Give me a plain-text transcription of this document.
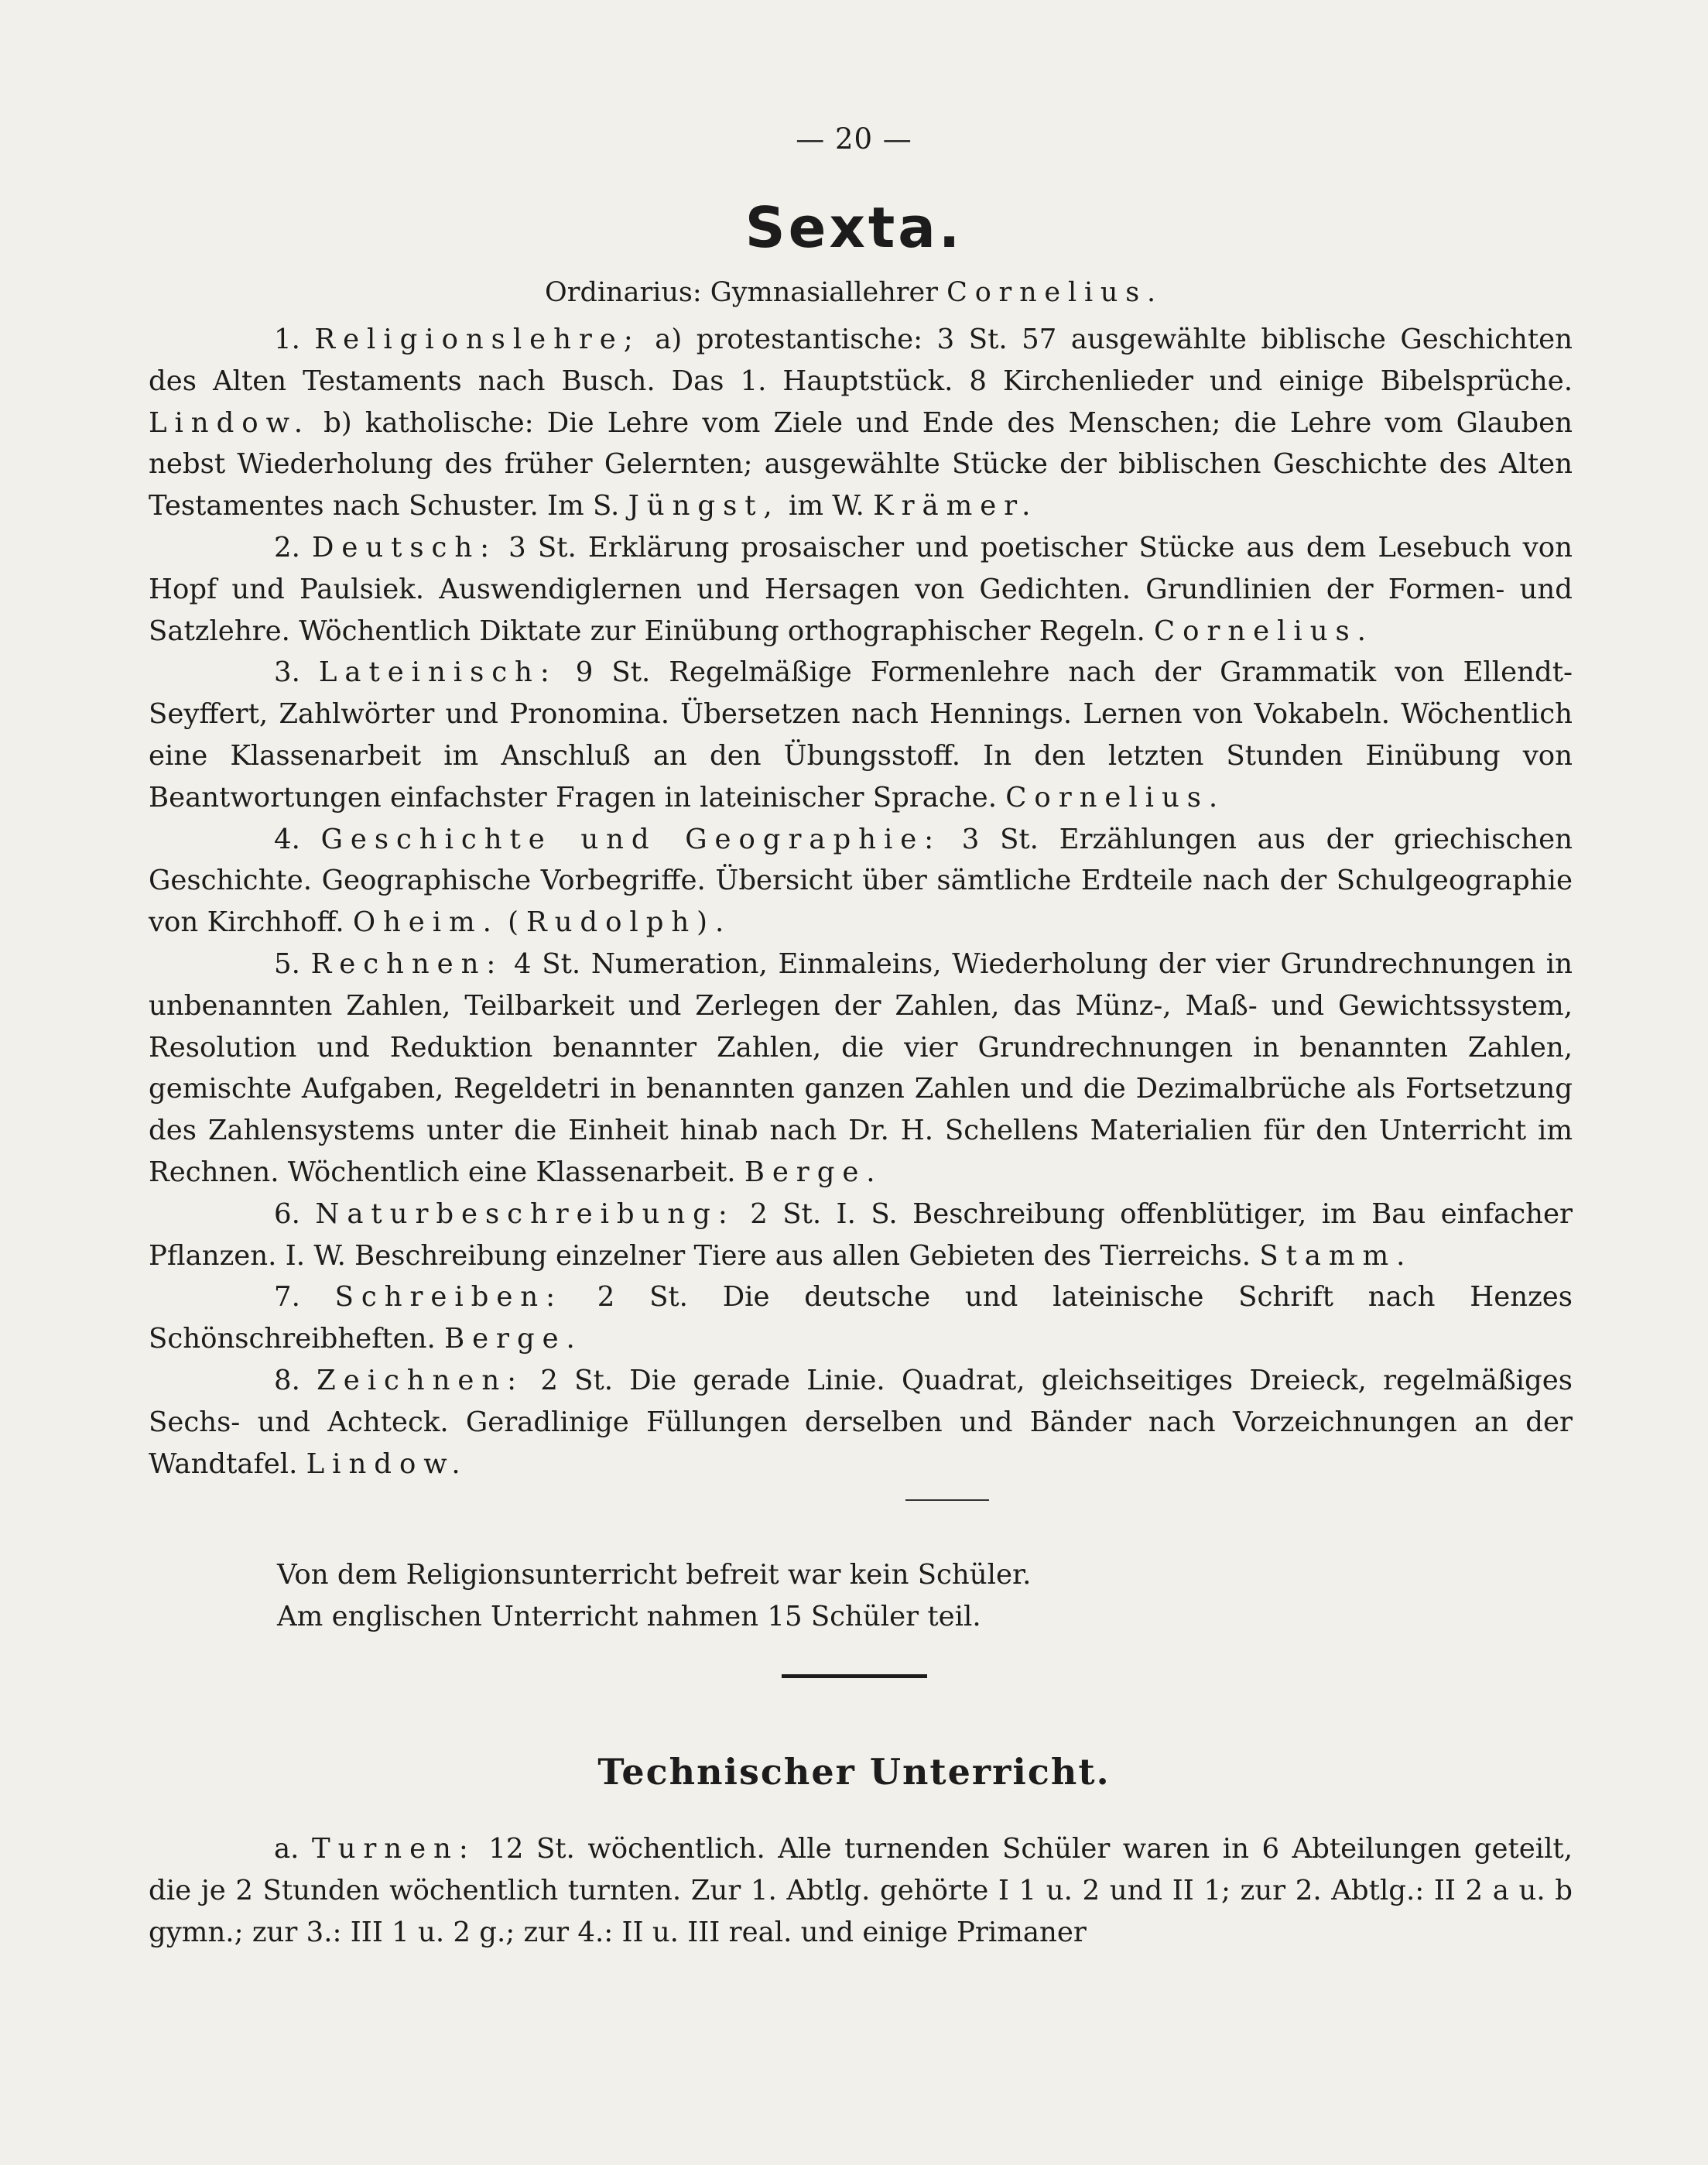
— 20 —
Sexta.
Ordinarius: Gymnasiallehrer Cornelius.

1. Religionslehre; a) protestantische: 3 St. 57 ausgewählte biblische Geschichten des Alten Testaments nach Busch. Das 1. Hauptstück. 8 Kirchenlieder und einige Bibelsprüche. Lindow. b) katholische: Die Lehre vom Ziele und Ende des Menschen; die Lehre vom Glauben nebst Wiederholung des früher Gelernten; ausgewählte Stücke der biblischen Geschichte des Alten Testamentes nach Schuster. Im S. Jüngst, im W. Krämer.

2. Deutsch: 3 St. Erklärung prosaischer und poetischer Stücke aus dem Lesebuch von Hopf und Paulsiek. Auswendiglernen und Hersagen von Gedichten. Grundlinien der Formen- und Satzlehre. Wöchentlich Diktate zur Einübung orthographischer Regeln. Cornelius.

3. Lateinisch: 9 St. Regelmäßige Formenlehre nach der Grammatik von Ellendt-Seyffert, Zahlwörter und Pronomina. Übersetzen nach Hennings. Lernen von Vokabeln. Wöchentlich eine Klassenarbeit im Anschluß an den Übungsstoff. In den letzten Stunden Einübung von Beantwortungen einfachster Fragen in lateinischer Sprache. Cornelius.

4. Geschichte und Geographie: 3 St. Erzählungen aus der griechischen Geschichte. Geographische Vorbegriffe. Übersicht über sämtliche Erdteile nach der Schulgeographie von Kirchhoff. Oheim. (Rudolph).

5. Rechnen: 4 St. Numeration, Einmaleins, Wiederholung der vier Grundrechnungen in unbenannten Zahlen, Teilbarkeit und Zerlegen der Zahlen, das Münz-, Maß- und Gewichtssystem, Resolution und Reduktion benannter Zahlen, die vier Grundrechnungen in benannten Zahlen, gemischte Aufgaben, Regeldetri in benannten ganzen Zahlen und die Dezimalbrüche als Fortsetzung des Zahlensystems unter die Einheit hinab nach Dr. H. Schellens Materialien für den Unterricht im Rechnen. Wöchentlich eine Klassenarbeit. Berge.

6. Naturbeschreibung: 2 St. I. S. Beschreibung offenblütiger, im Bau einfacher Pflanzen. I. W. Beschreibung einzelner Tiere aus allen Gebieten des Tierreichs. Stamm.

7. Schreiben: 2 St. Die deutsche und lateinische Schrift nach Henzes Schönschreibheften. Berge.

8. Zeichnen: 2 St. Die gerade Linie. Quadrat, gleichseitiges Dreieck, regelmäßiges Sechs- und Achteck. Geradlinige Füllungen derselben und Bänder nach Vorzeichnungen an der Wandtafel. Lindow.

Von dem Religionsunterricht befreit war kein Schüler.

Am englischen Unterricht nahmen 15 Schüler teil.

Technischer Unterricht.

a. Turnen: 12 St. wöchentlich. Alle turnenden Schüler waren in 6 Abteilungen geteilt, die je 2 Stunden wöchentlich turnten. Zur 1. Abtlg. gehörte I 1 u. 2 und II 1; zur 2. Abtlg.: II 2 a u. b gymn.; zur 3.: III 1 u. 2 g.; zur 4.: II u. III real. und einige Primaner
